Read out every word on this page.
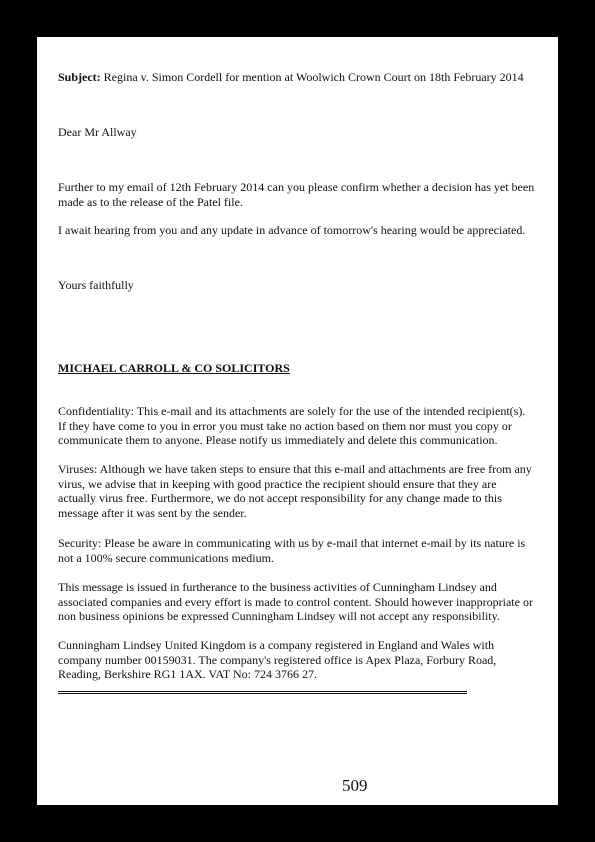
Subject: Regina v. Simon Cordell for mention at Woolwich Crown Court on 18th February 2014

Dear Mr Allway

Further to my email of 12th February 2014 can you please confirm whether a decision has yet been made as to the release of the Patel file.

I await hearing from you and any update in advance of tomorrow's hearing would be appreciated.

Yours faithfully

MICHAEL CARROLL & CO SOLICITORS

Confidentiality: This e-mail and its attachments are solely for the use of the intended recipient(s). If they have come to you in error you must take no action based on them nor must you copy or communicate them to anyone. Please notify us immediately and delete this communication.

Viruses: Although we have taken steps to ensure that this e-mail and attachments are free from any virus, we advise that in keeping with good practice the recipient should ensure that they are actually virus free. Furthermore, we do not accept responsibility for any change made to this message after it was sent by the sender.

Security: Please be aware in communicating with us by e-mail that internet e-mail by its nature is not a 100% secure communications medium.

This message is issued in furtherance to the business activities of Cunningham Lindsey and associated companies and every effort is made to control content. Should however inappropriate or non business opinions be expressed Cunningham Lindsey will not accept any responsibility.

Cunningham Lindsey United Kingdom is a company registered in England and Wales with company number 00159031. The company's registered office is Apex Plaza, Forbury Road, Reading, Berkshire RG1 1AX. VAT No: 724 3766 27.

509
